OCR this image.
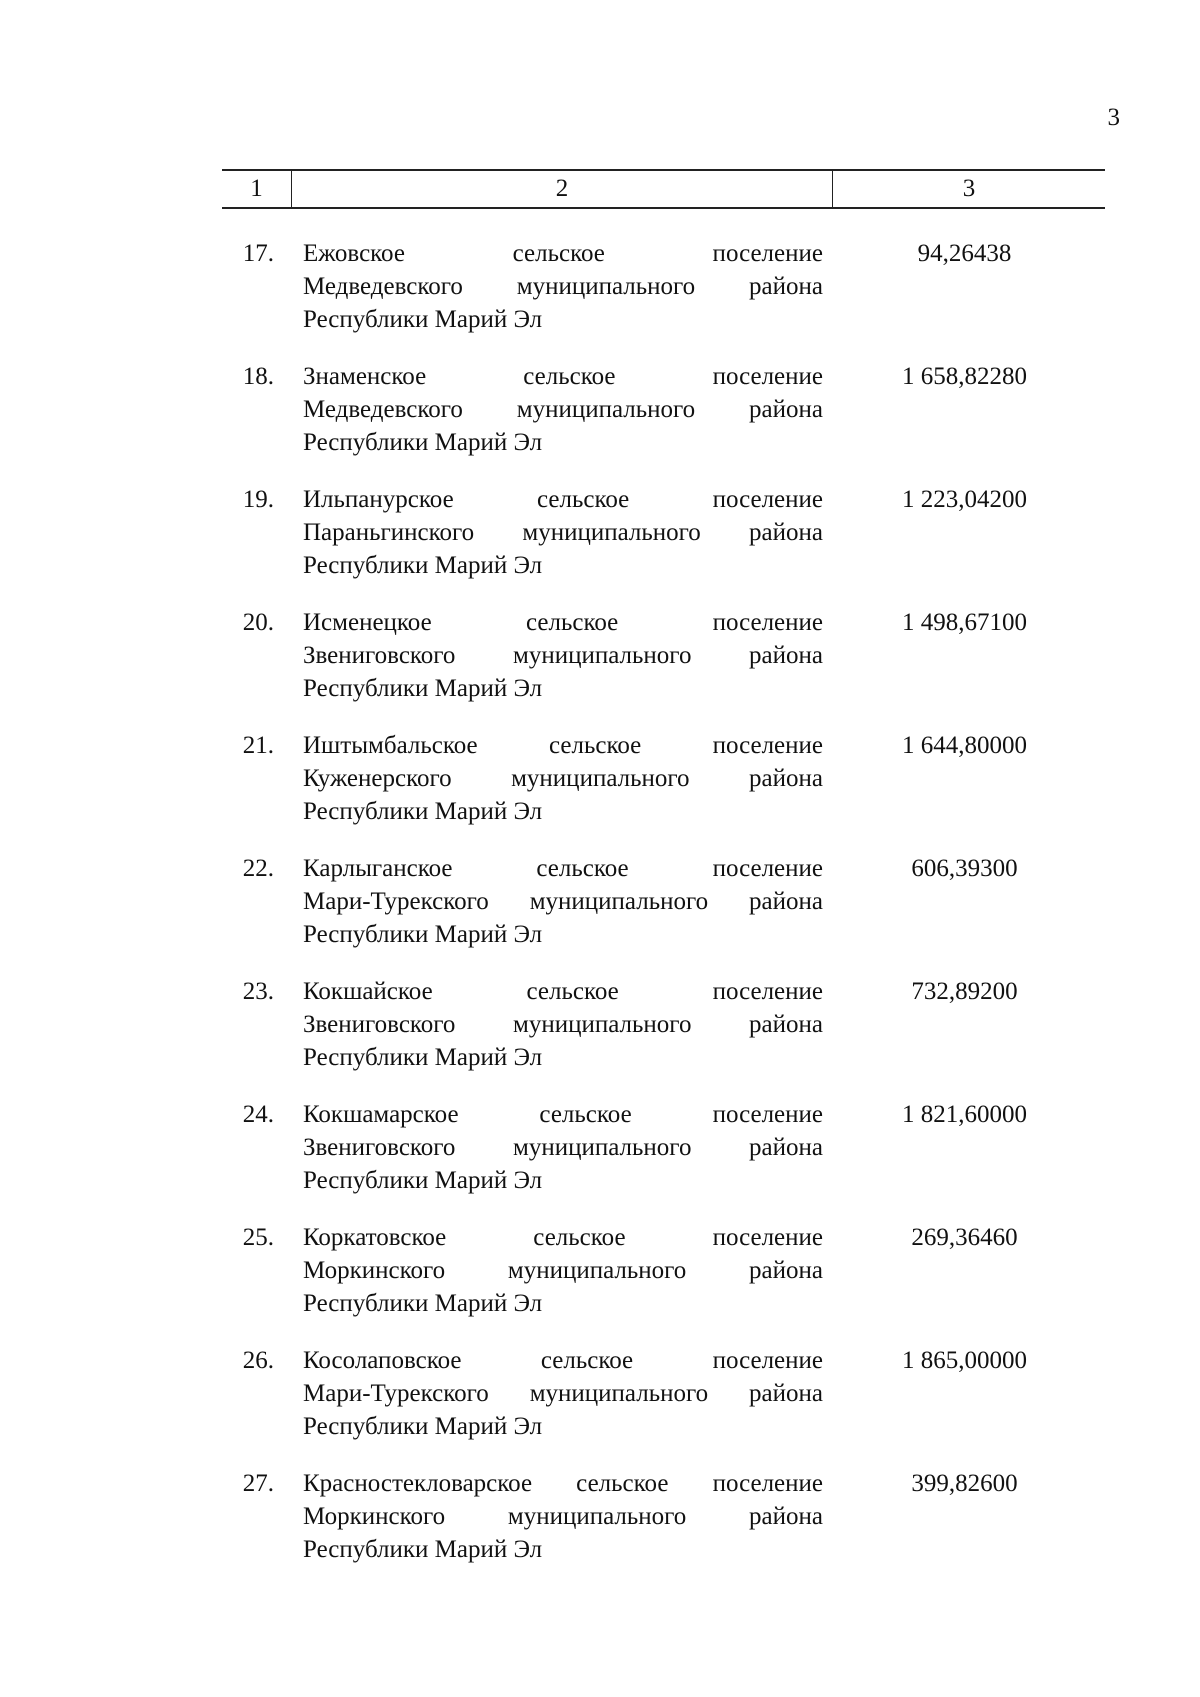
3
1	2	3
17. Ежовское сельское поселение
Медведевского муниципального района
Республики Марий Эл
94,26438
18. Знаменское сельское поселение
Медведевского муниципального района
Республики Марий Эл
1 658,82280
19. Ильпанурское сельское поселение
Параньгинского муниципального района
Республики Марий Эл
1 223,04200
20. Исменецкое сельское поселение
Звениговского муниципального района
Республики Марий Эл
1 498,67100
21. Иштымбальское сельское поселение
Куженерского муниципального района
Республики Марий Эл
1 644,80000
22. Карлыганское сельское поселение
Мари-Турекского муниципального района
Республики Марий Эл
606,39300
23. Кокшайское сельское поселение
Звениговского муниципального района
Республики Марий Эл
732,89200
24. Кокшамарское сельское поселение
Звениговского муниципального района
Республики Марий Эл
1 821,60000
25. Коркатовское сельское поселение
Моркинского муниципального района
Республики Марий Эл
269,36460
26. Косолаповское сельское поселение
Мари-Турекского муниципального района
Республики Марий Эл
1 865,00000
27. Красностекловарское сельское поселение
Моркинского муниципального района
Республики Марий Эл
399,82600
